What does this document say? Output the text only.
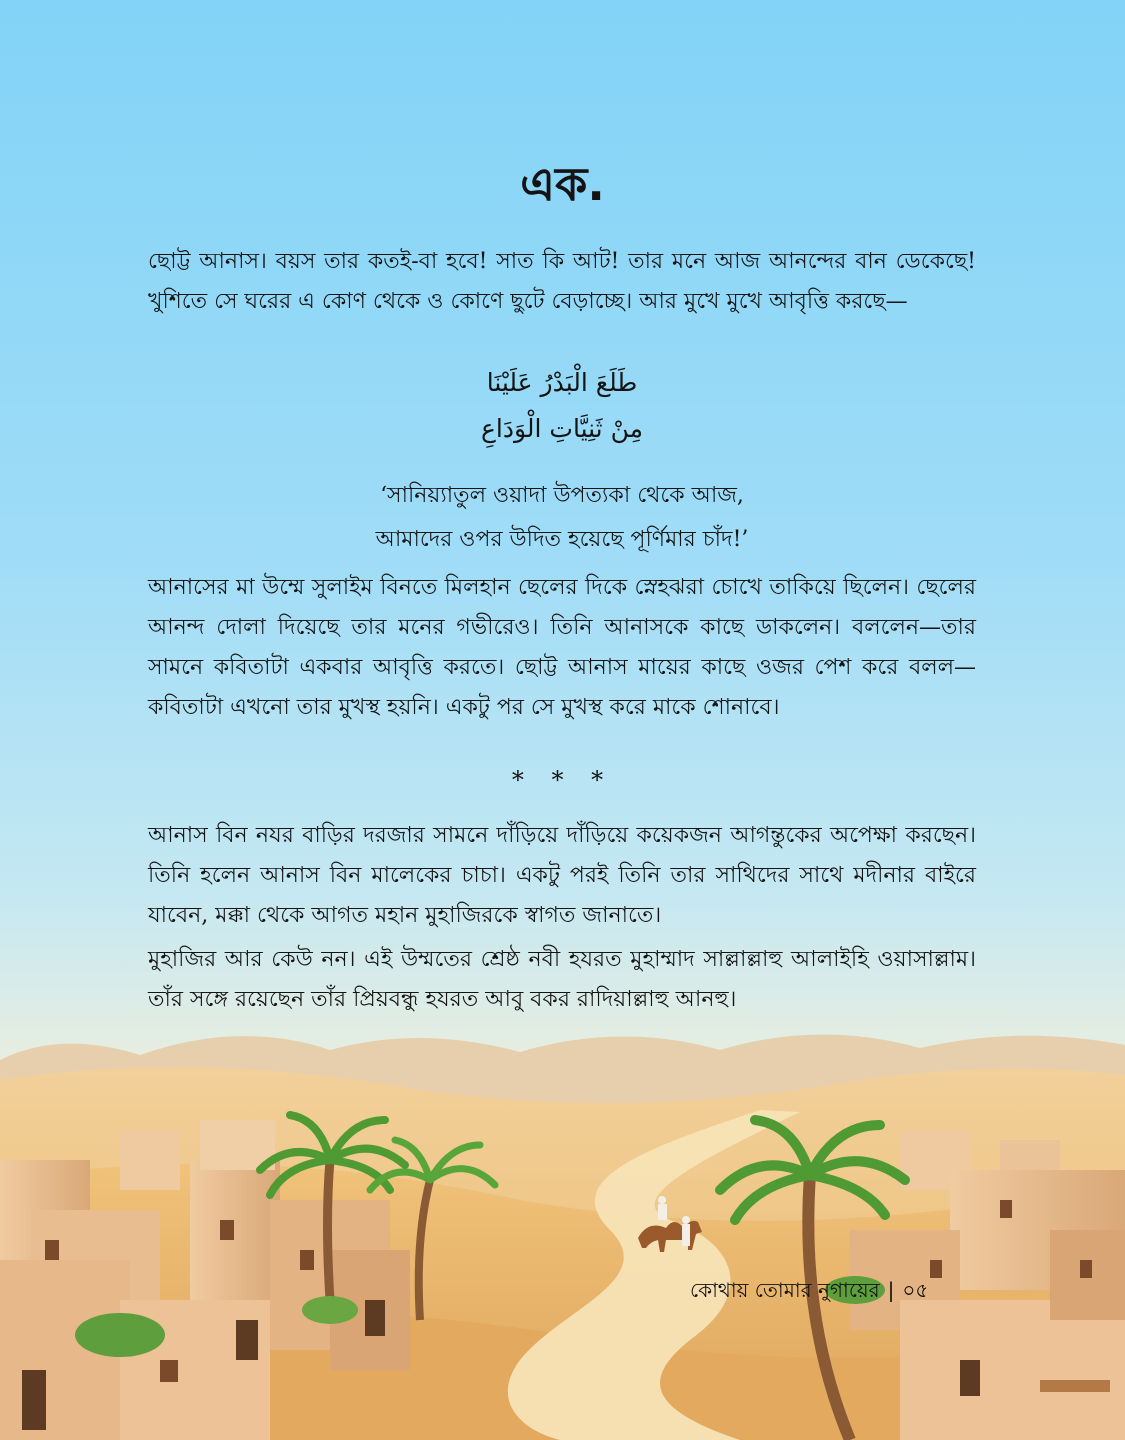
এক.

ছোট্ট আনাস। বয়স তার কতই-বা হবে! সাত কি আট! তার মনে আজ আনন্দের বান ডেকেছে! খুশিতে সে ঘরের এ কোণ থেকে ও কোণে ছুটে বেড়াচ্ছে। আর মুখে মুখে আবৃত্তি করছে—

طَلَعَ الْبَدْرُ عَلَيْنَا
مِنْ ثَنِيَّاتِ الْوَدَاعِ
‘সানিয়্যাতুল ওয়াদা উপত্যকা থেকে আজ,
আমাদের ওপর উদিত হয়েছে পূর্ণিমার চাঁদ!’

আনাসের মা উম্মে সুলাইম বিনতে মিলহান ছেলের দিকে স্নেহঝরা চোখে তাকিয়ে ছিলেন। ছেলের আনন্দ দোলা দিয়েছে তার মনের গভীরেও। তিনি আনাসকে কাছে ডাকলেন। বললেন—তার সামনে কবিতাটা একবার আবৃত্তি করতে। ছোট্ট আনাস মায়ের কাছে ওজর পেশ করে বলল— কবিতাটা এখনো তার মুখস্থ হয়নি। একটু পর সে মুখস্থ করে মাকে শোনাবে।

* * *

আনাস বিন নযর বাড়ির দরজার সামনে দাঁড়িয়ে দাঁড়িয়ে কয়েকজন আগন্তুকের অপেক্ষা করছেন। তিনি হলেন আনাস বিন মালেকের চাচা। একটু পরই তিনি তার সাথিদের সাথে মদীনার বাইরে যাবেন, মক্কা থেকে আগত মহান মুহাজিরকে স্বাগত জানাতে।

মুহাজির আর কেউ নন। এই উম্মতের শ্রেষ্ঠ নবী হযরত মুহাম্মাদ সাল্লাল্লাহু আলাইহি ওয়াসাল্লাম। তাঁর সঙ্গে রয়েছেন তাঁর প্রিয়বন্ধু হযরত আবু বকর রাদিয়াল্লাহু আনহু।

কোথায় তোমার নুগায়ের | ০৫
